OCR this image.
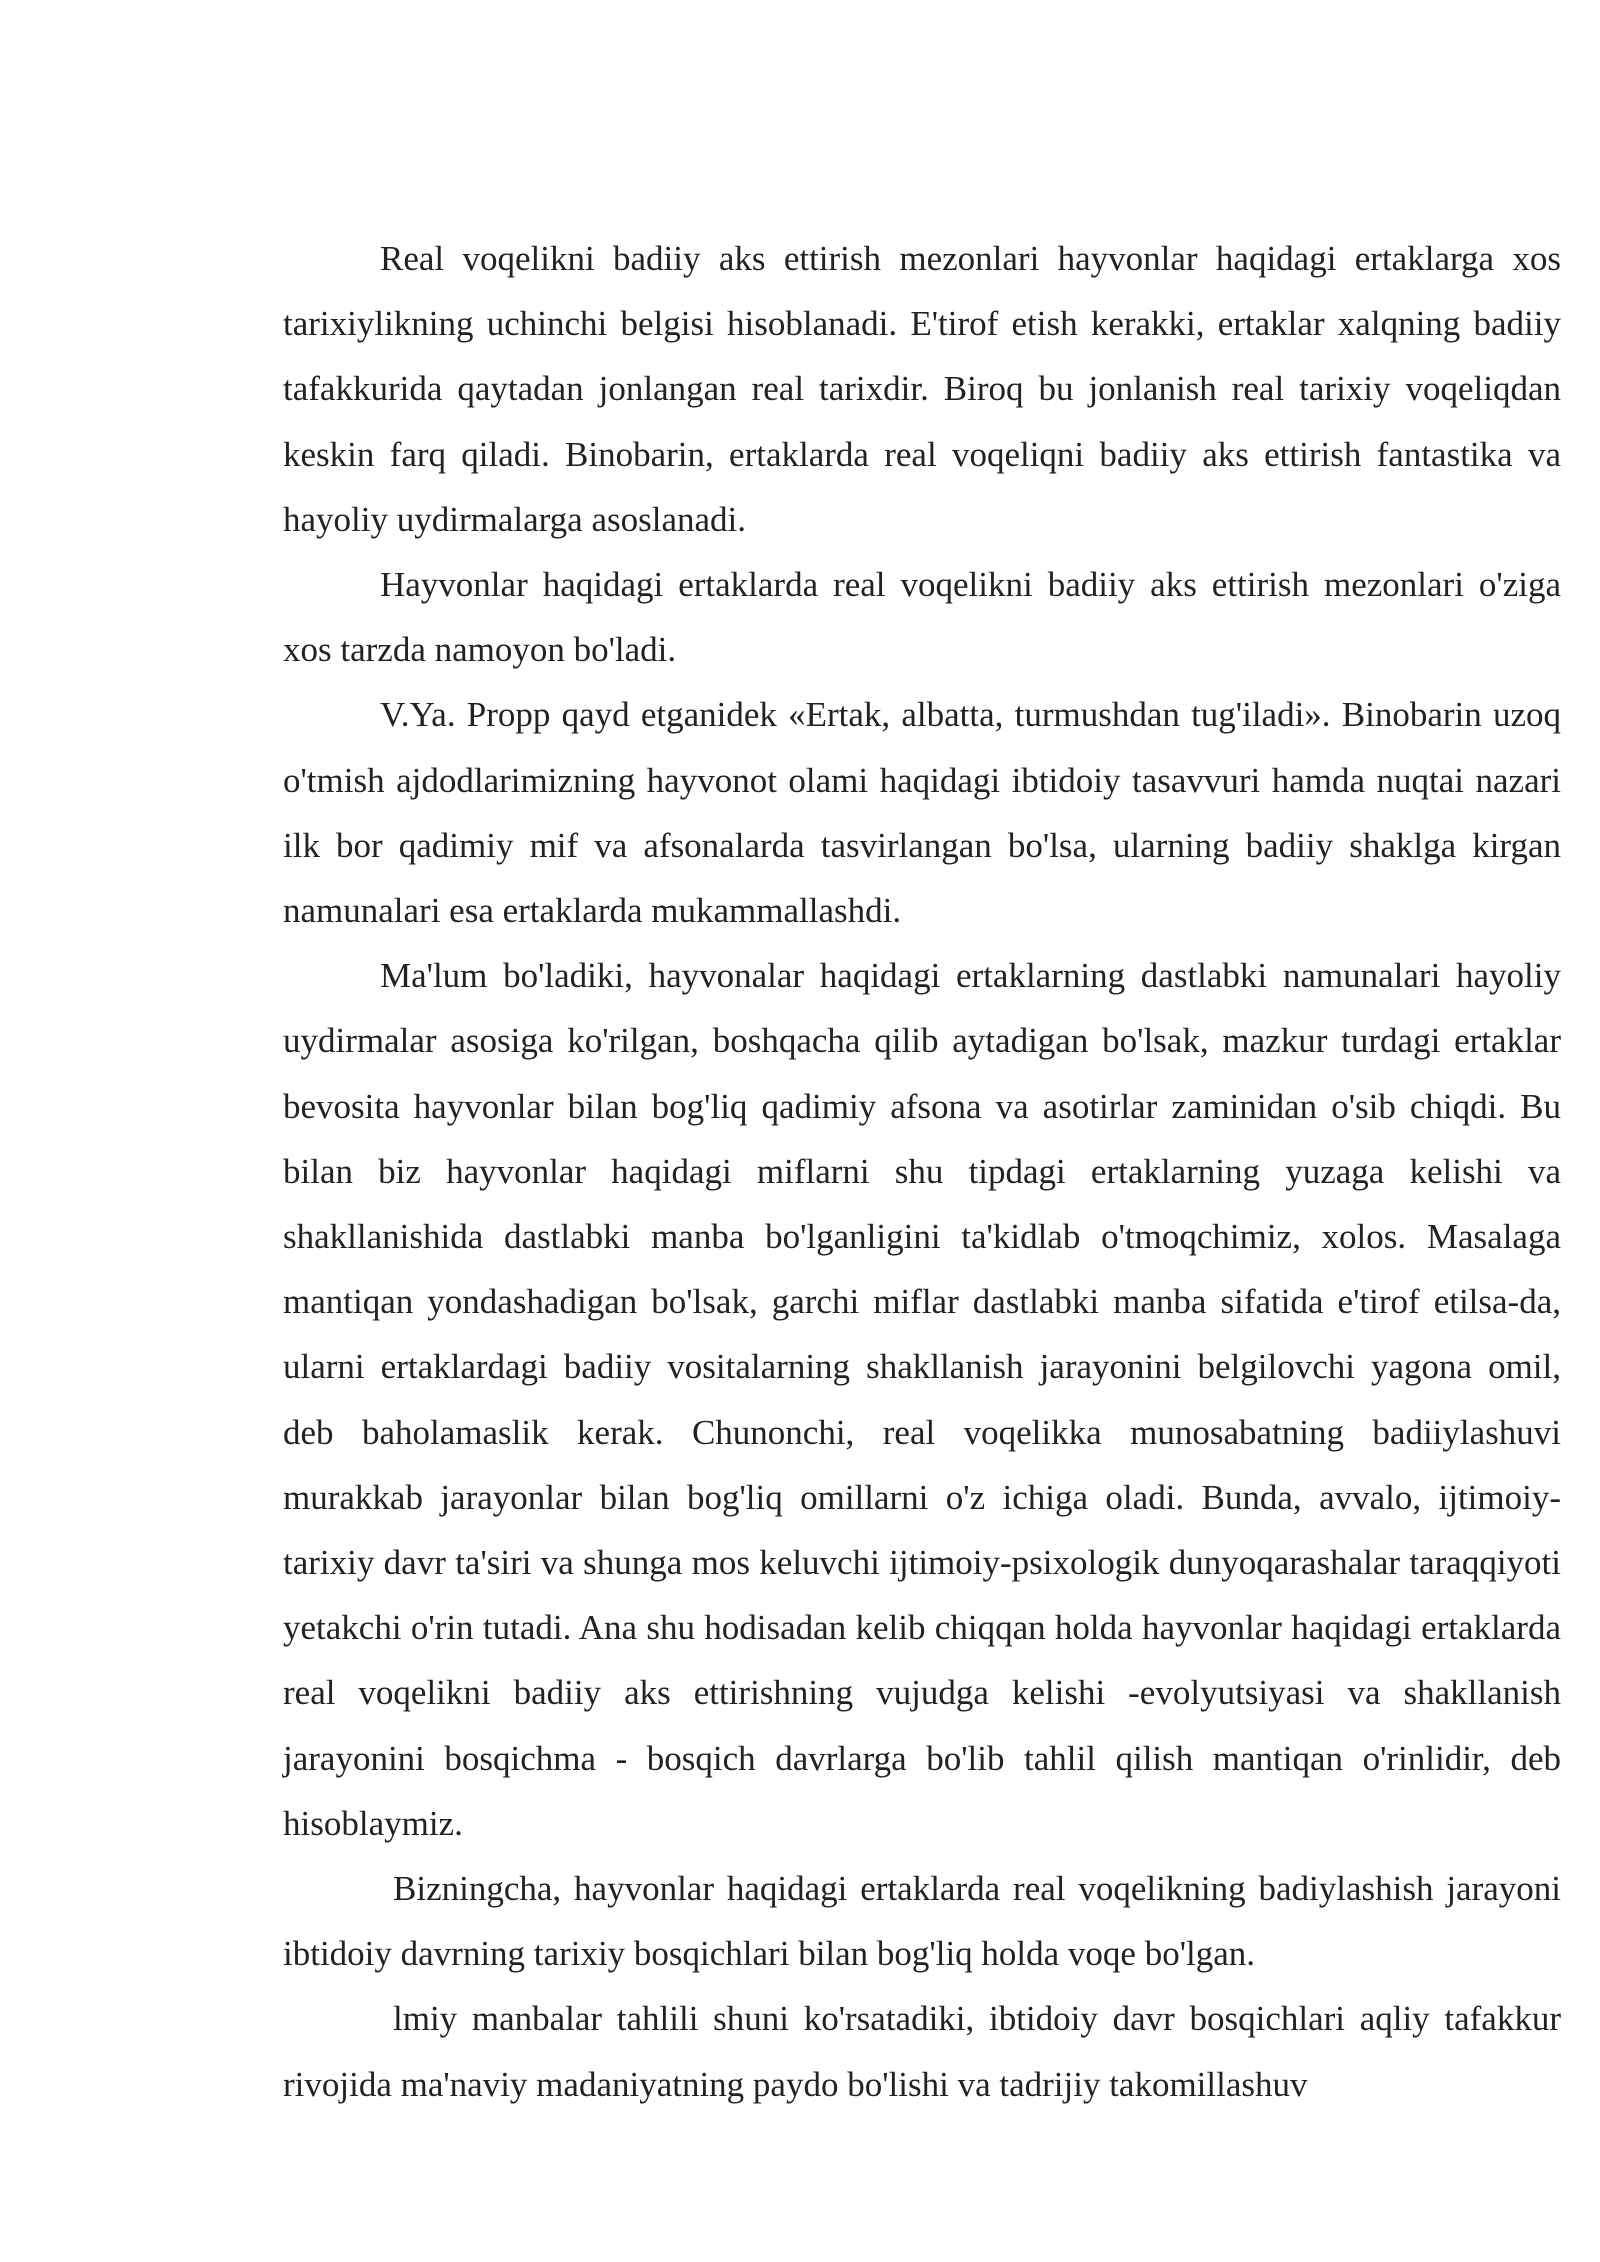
Real voqelikni badiiy aks ettirish mezonlari hayvonlar haqidagi ertaklarga xos tarixiylikning uchinchi belgisi hisoblanadi. E'tirof etish kerakki, ertaklar xalqning badiiy tafakkurida qaytadan jonlangan real tarixdir. Biroq bu jonlanish real tarixiy voqeliqdan keskin farq qiladi. Binobarin, ertaklarda real voqeliqni badiiy aks ettirish fantastika va hayoliy uydirmalarga asoslanadi.

Hayvonlar haqidagi ertaklarda real voqelikni badiiy aks ettirish mezonlari o'ziga xos tarzda namoyon bo'ladi.

V.Ya. Propp qayd etganidek «Ertak, albatta, turmushdan tug'iladi». Binobarin uzoq o'tmish ajdodlarimizning hayvonot olami haqidagi ibtidoiy tasavvuri hamda nuqtai nazari ilk bor qadimiy mif va afsonalarda tasvirlangan bo'lsa, ularning badiiy shaklga kirgan namunalari esa ertaklarda mukammallashdi.

Ma'lum bo'ladiki, hayvonalar haqidagi ertaklarning dastlabki namunalari hayoliy uydirmalar asosiga ko'rilgan, boshqacha qilib aytadigan bo'lsak, mazkur turdagi ertaklar bevosita hayvonlar bilan bog'liq qadimiy afsona va asotirlar zaminidan o'sib chiqdi. Bu bilan biz hayvonlar haqidagi miflarni shu tipdagi ertaklarning yuzaga kelishi va shakllanishida dastlabki manba bo'lganligini ta'kidlab o'tmoqchimiz, xolos. Masalaga mantiqan yondashadigan bo'lsak, garchi miflar dastlabki manba sifatida e'tirof etilsa-da, ularni ertaklardagi badiiy vositalarning shakllanish jarayonini belgilovchi yagona omil, deb baholamaslik kerak. Chunonchi, real voqelikka munosabatning badiiylashuvi murakkab jarayonlar bilan bog'liq omillarni o'z ichiga oladi. Bunda, avvalo, ijtimoiy-tarixiy davr ta'siri va shunga mos keluvchi ijtimoiy-psixologik dunyoqarashalar taraqqiyoti yetakchi o'rin tutadi. Ana shu hodisadan kelib chiqqan holda hayvonlar haqidagi ertaklarda real voqelikni badiiy aks ettirishning vujudga kelishi -evolyutsiyasi va shakllanish jarayonini bosqichma - bosqich davrlarga bo'lib tahlil qilish mantiqan o'rinlidir, deb hisoblaymiz.

Bizningcha, hayvonlar haqidagi ertaklarda real voqelikning badiylashish jarayoni ibtidoiy davrning tarixiy bosqichlari bilan bog'liq holda voqe bo'lgan.

lmiy manbalar tahlili shuni ko'rsatadiki, ibtidoiy davr bosqichlari aqliy tafakkur rivojida ma'naviy madaniyatning paydo bo'lishi va tadrijiy takomillashuv
